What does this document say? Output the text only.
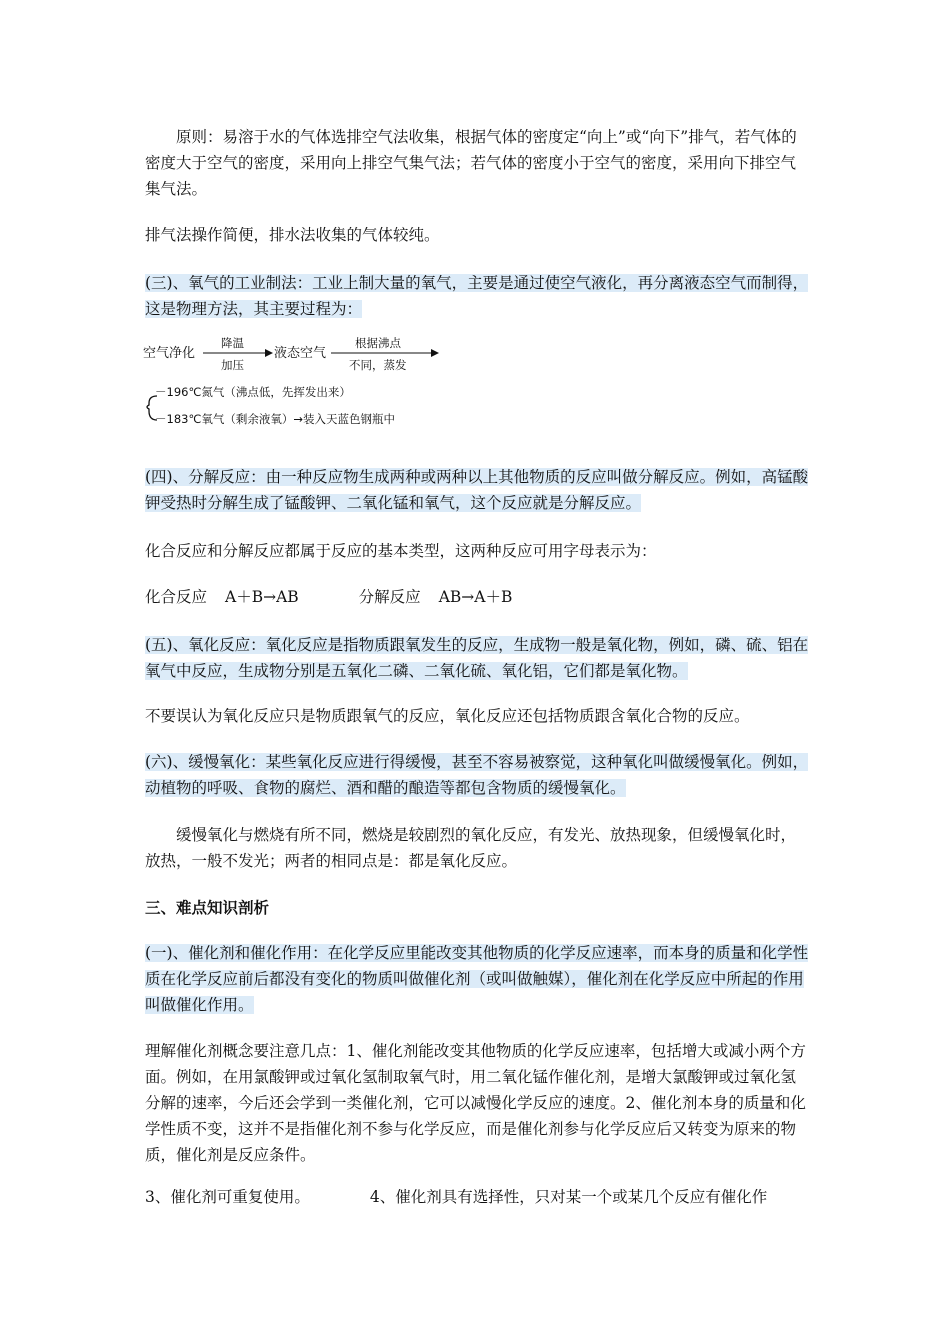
原则：易溶于水的气体选排空气法收集，根据气体的密度定“向上”或“向下”排气，若气体的密度大于空气的密度，采用向上排空气集气法；若气体的密度小于空气的密度，采用向下排空气集气法。

排气法操作简便，排水法收集的气体较纯。

(三)、氧气的工业制法：工业上制大量的氧气，主要是通过使空气液化，再分离液态空气而制得，这是物理方法，其主要过程为：

空气净化
降温
加压
液态空气
根据沸点
不同，蒸发
－196℃氮气（沸点低，先挥发出来）
－183℃氧气（剩余液氧）→装入天蓝色钢瓶中

(四)、分解反应：由一种反应物生成两种或两种以上其他物质的反应叫做分解反应。例如，高锰酸钾受热时分解生成了锰酸钾、二氧化锰和氧气，这个反应就是分解反应。

化合反应和分解反应都属于反应的基本类型，这两种反应可用字母表示为：

化合反应 A＋B→AB	分解反应 AB→A＋B

(五)、氧化反应：氧化反应是指物质跟氧发生的反应，生成物一般是氧化物，例如，磷、硫、铝在氧气中反应，生成物分别是五氧化二磷、二氧化硫、氧化铝，它们都是氧化物。

不要误认为氧化反应只是物质跟氧气的反应，氧化反应还包括物质跟含氧化合物的反应。

(六)、缓慢氧化：某些氧化反应进行得缓慢，甚至不容易被察觉，这种氧化叫做缓慢氧化。例如，动植物的呼吸、食物的腐烂、酒和醋的酿造等都包含物质的缓慢氧化。

缓慢氧化与燃烧有所不同，燃烧是较剧烈的氧化反应，有发光、放热现象，但缓慢氧化时，放热，一般不发光；两者的相同点是：都是氧化反应。

三、难点知识剖析

(一)、催化剂和催化作用：在化学反应里能改变其他物质的化学反应速率，而本身的质量和化学性质在化学反应前后都没有变化的物质叫做催化剂（或叫做触媒），催化剂在化学反应中所起的作用叫做催化作用。

理解催化剂概念要注意几点：1、催化剂能改变其他物质的化学反应速率，包括增大或减小两个方面。例如，在用氯酸钾或过氧化氢制取氧气时，用二氧化锰作催化剂，是增大氯酸钾或过氧化氢分解的速率，今后还会学到一类催化剂，它可以减慢化学反应的速度。2、催化剂本身的质量和化学性质不变，这并不是指催化剂不参与化学反应，而是催化剂参与化学反应后又转变为原来的物质，催化剂是反应条件。

3、催化剂可重复使用。	4、催化剂具有选择性，只对某一个或某几个反应有催化作
